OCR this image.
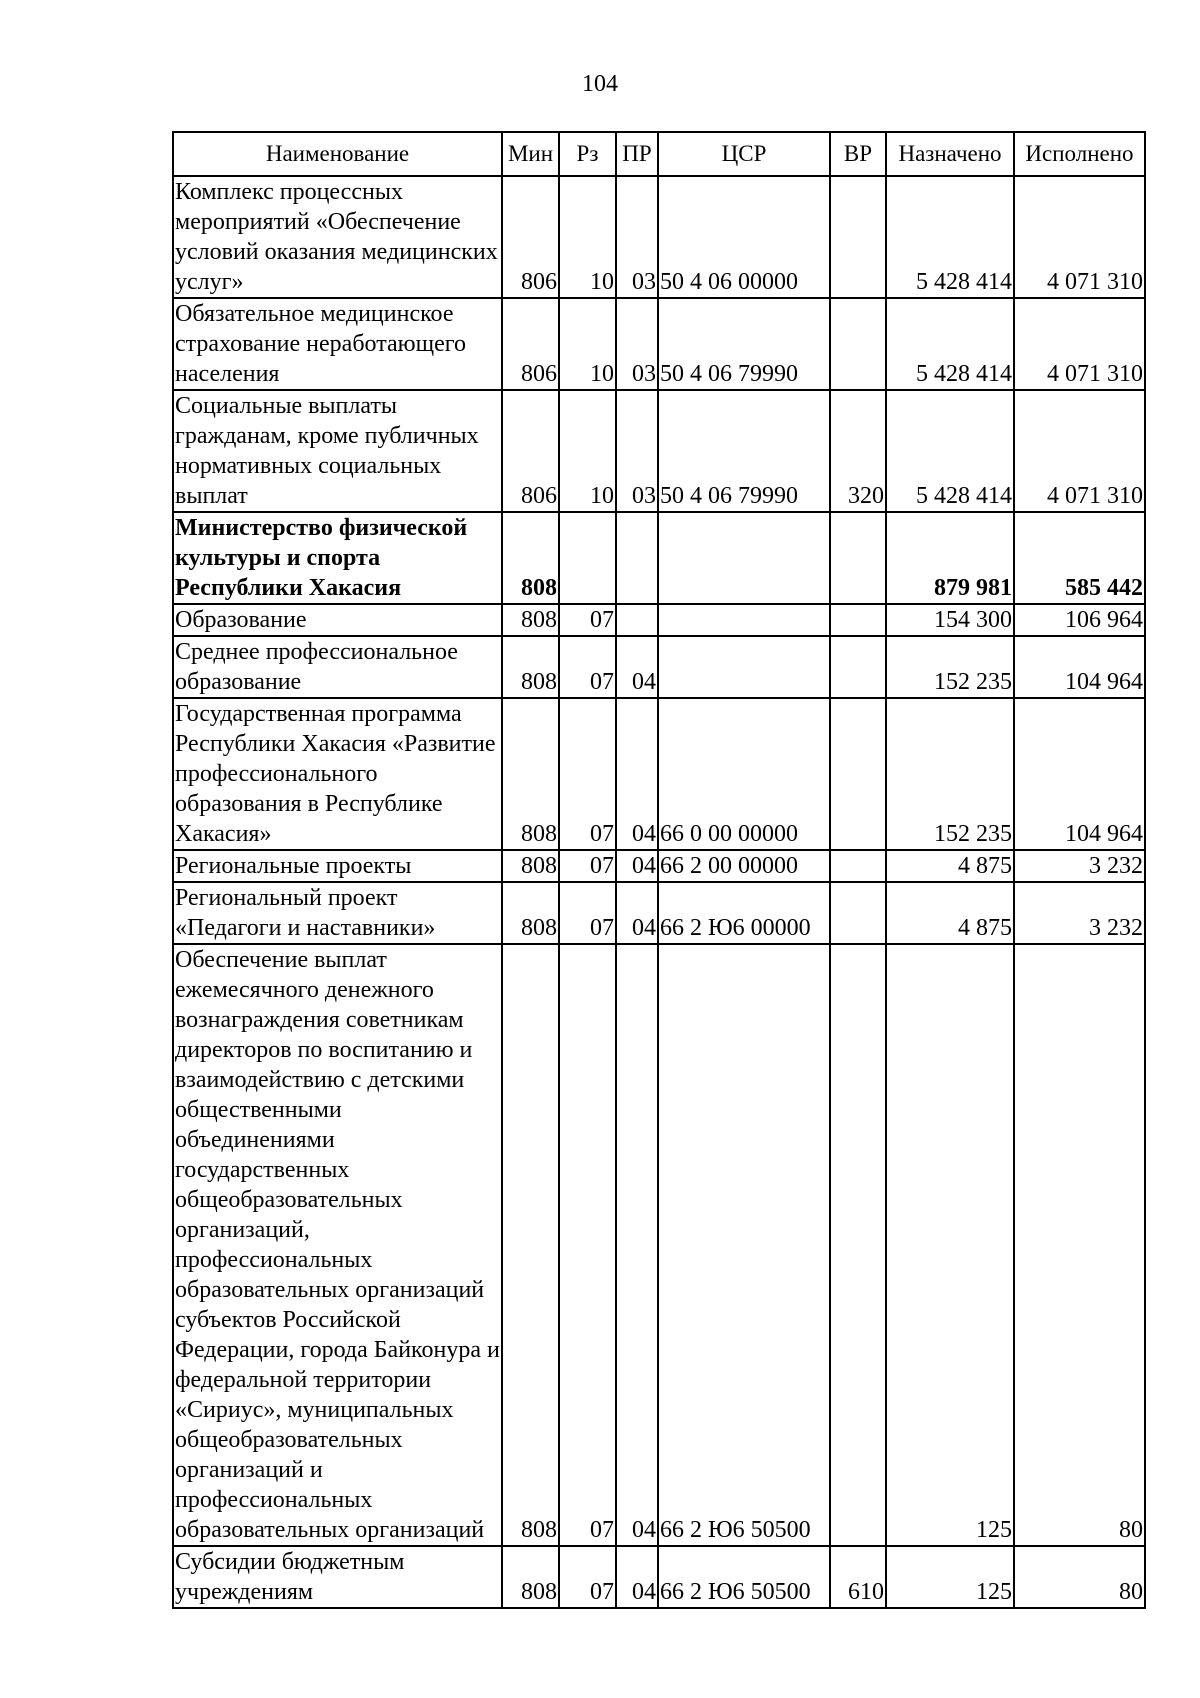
104
Наименование	Мин	Рз	ПР	ЦСР	ВР	Назначено	Исполнено
Комплекс процессных мероприятий «Обеспечение условий оказания медицинских услуг»	806	10	03	50 4 06 00000		5 428 414	4 071 310
Обязательное медицинское страхование неработающего населения	806	10	03	50 4 06 79990		5 428 414	4 071 310
Социальные выплаты гражданам, кроме публичных нормативных социальных выплат	806	10	03	50 4 06 79990	320	5 428 414	4 071 310
Министерство физической культуры и спорта Республики Хакасия	808					879 981	585 442
Образование	808	07				154 300	106 964
Среднее профессиональное образование	808	07	04			152 235	104 964
Государственная программа Республики Хакасия «Развитие профессионального образования в Республике Хакасия»	808	07	04	66 0 00 00000		152 235	104 964
Региональные проекты	808	07	04	66 2 00 00000		4 875	3 232
Региональный проект «Педагоги и наставники»	808	07	04	66 2 Ю6 00000		4 875	3 232
Обеспечение выплат ежемесячного денежного вознаграждения советникам директоров по воспитанию и взаимодействию с детскими общественными объединениями государственных общеобразовательных организаций, профессиональных образовательных организаций субъектов Российской Федерации, города Байконура и федеральной территории «Сириус», муниципальных общеобразовательных организаций и профессиональных образовательных организаций	808	07	04	66 2 Ю6 50500		125	80
Субсидии бюджетным учреждениям	808	07	04	66 2 Ю6 50500	610	125	80
